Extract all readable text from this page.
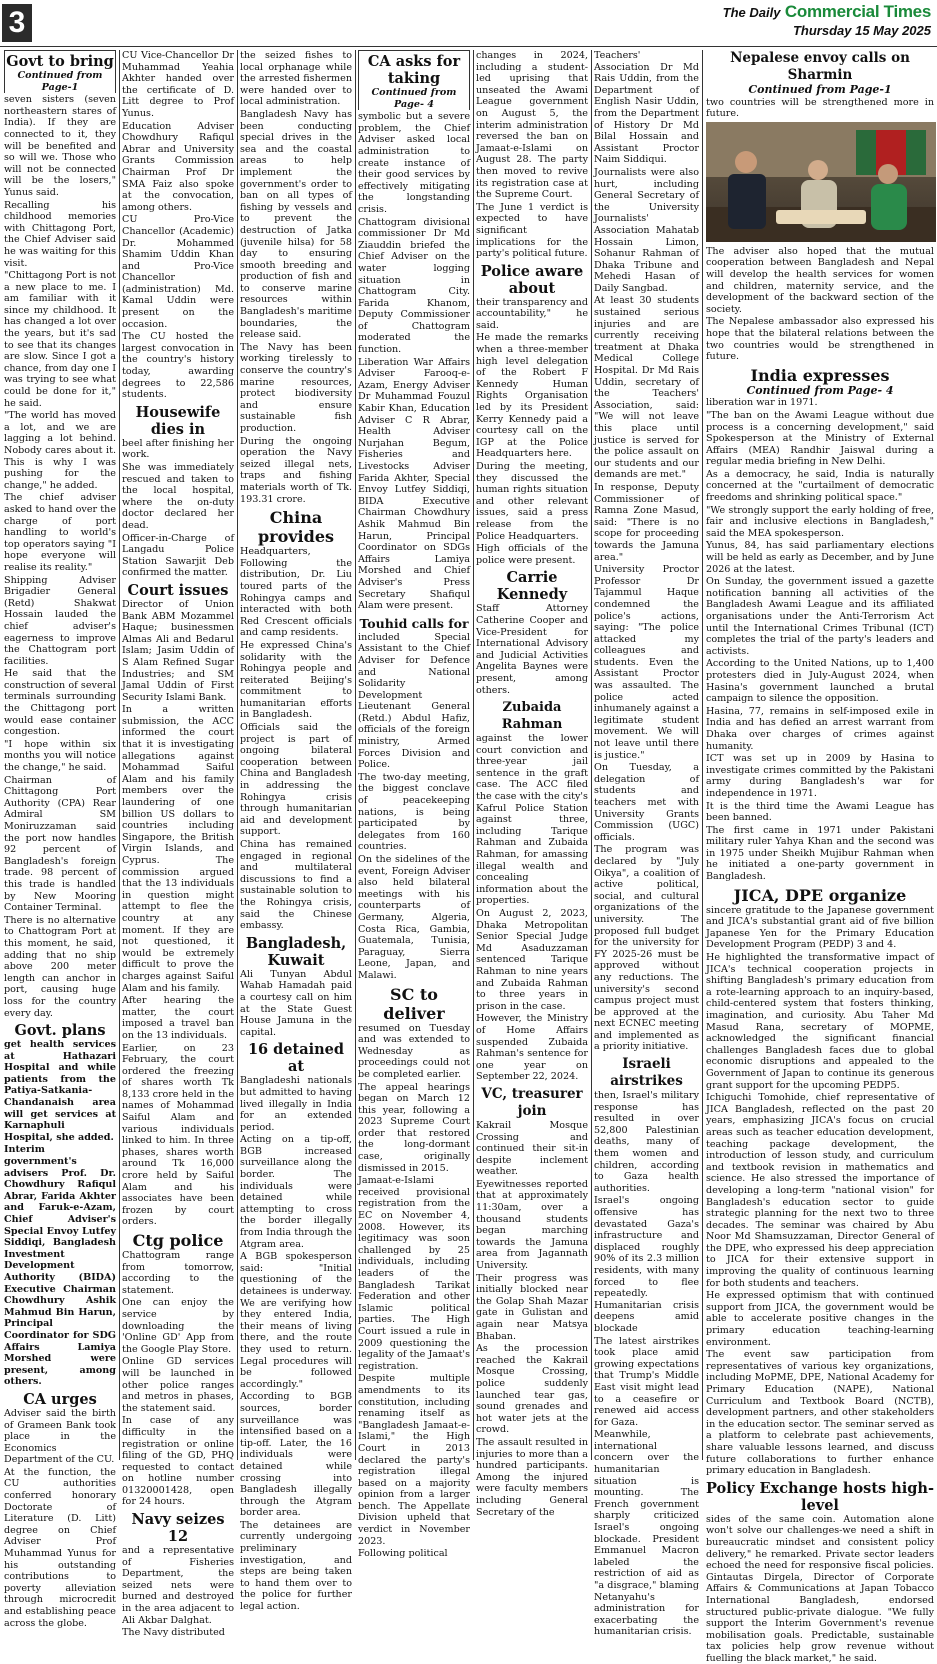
3	The Daily Commercial Times
Thursday 15 May 2025
Govt to bring
Continued from Page-1

seven sisters (seven northeastern stares of India). If they are connected to it, they will be benefited and so will we. Those who will not be connected will be the losers," Yunus said.

Recalling his childhood memories with Chittagong Port, the Chief Adviser said he was waiting for this visit.

"Chittagong Port is not a new place to me. I am familiar with it since my childhood. It has changed a lot over the years, but it's sad to see that its changes are slow. Since I got a chance, from day one I was trying to see what could be done for it," he said.

"The world has moved a lot, and we are lagging a lot behind. Nobody cares about it. This is why I was pushing for the change," he added.

The chief adviser asked to hand over the charge of port handling to world's top operators saying "I hope everyone will realise its reality."

Shipping Adviser Brigadier General (Retd) Shakwat Hossain lauded the chief adviser's eagerness to improve the Chattogram port facilities.

He said that the construction of several terminals surrounding the Chittagong port would ease container congestion.

"I hope within six months you will notice the change," he said.

Chairman of Chittagong Port Authority (CPA) Rear Admiral SM Moniruzzaman said the port now handles 92 percent of Bangladesh's foreign trade. 98 percent of this trade is handled by New Mooring Container Terminal.

There is no alternative to Chattogram Port at this moment, he said, adding that no ship above 200 meter length can anchor in port, causing huge loss for the country every day.

Govt. plans

get health services at Hathazari Hospital and while patients from the Patiya-Satkania-Chandanaish area will get services at Karnaphuli Hospital, she added.

Interim government's advisers Prof. Dr. Chowdhury Rafiqul Abrar, Farida Akhter and Faruk-e-Azam, Chief Adviser's Special Envoy Lutfey Siddiqi, Bangladesh Investment Development Authority (BIDA) Executive Chairman Chowdhury Ashik Mahmud Bin Harun, Principal Coordinator for SDG Affairs Lamiya Morshed were present, among others.

CA urges

Adviser said the birth of Grameen Bank took place in the Economics Department of the CU.

At the function, the CU authorities conferred honorary Doctorate of Literature (D. Litt) degree on Chief Adviser Prof Muhammad Yunus for his outstanding contributions to poverty alleviation through microcredit and establishing peace across the globe.

CU Vice-Chancellor Dr Muhammad Yeahia Akhter handed over the certificate of D. Litt degree to Prof Yunus.

Education Adviser Chowdhury Rafiqul Abrar and University Grants Commission Chairman Prof Dr SMA Faiz also spoke at the convocation, among others.

CU Pro-Vice Chancellor (Academic) Dr. Mohammed Shamim Uddin Khan and Pro-Vice Chancellor (administration) Md. Kamal Uddin were present on the occasion.

The CU hosted the largest convocation in the country's history today, awarding degrees to 22,586 students.

Housewife dies in

beel after finishing her work.

She was immediately rescued and taken to the local hospital, where the on-duty doctor declared her dead.

Officer-in-Charge of Langadu Police Station Sawarjit Deb confirmed the matter.

Court issues

Director of Union Bank ABM Mozammel Haque; businessmen Almas Ali and Bedarul Islam; Jasim Uddin of S Alam Refined Sugar Industries; and SM Jamal Uddin of First Security Islami Bank.

In a written submission, the ACC informed the court that it is investigating allegations against Mohammad Saiful Alam and his family members over the laundering of one billion US dollars to countries including Singapore, the British Virgin Islands, and Cyprus. The commission argued that the 13 individuals in question might attempt to flee the country at any moment. If they are not questioned, it would be extremely difficult to prove the charges against Saiful Alam and his family.

After hearing the matter, the court imposed a travel ban on the 13 individuals.

Earlier, on 23 February, the court ordered the freezing of shares worth Tk 8,133 crore held in the names of Mohammad Saiful Alam and various individuals linked to him. In three phases, shares worth around Tk 16,000 crore held by Saiful Alam and his associates have been frozen by court orders.

Ctg police

Chattogram range from tomorrow, according to the statement.

One can enjoy the service by downloading the 'Online GD' App from the Google Play Store.

Online GD services will be launched in other police ranges and metros in phases, the statement said.

In case of any difficulty in the registration or online filing of the GD, PHQ requested to contact on hotline number 01320001428, open for 24 hours.

Navy seizes 12

and a representative of Fisheries Department, the seized nets were burned and destroyed in the area adjacent to Ali Akbar Dalghat.

The Navy distributed

the seized fishes to local orphanage while the arrested fishermen were handed over to local administration.

Bangladesh Navy has been conducting special drives in the sea and the coastal areas to help implement the government's order to ban on all types of fishing by vessels and to prevent the destruction of Jatka (juvenile hilsa) for 58 day to ensuring smooth breeding and production of fish and to conserve marine resources within Bangladesh's maritime boundaries, the release said.

The Navy has been working tirelessly to conserve the country's marine resources, protect biodiversity and ensure sustainable fish production.

During the ongoing operation the Navy seized illegal nets, traps and fishing materials worth of Tk. 193.31 crore.

China provides

Headquarters, Following the distribution, Dr. Liu toured parts of the Rohingya camps and interacted with both Red Crescent officials and camp residents.

He expressed China's solidarity with the Rohingya people and reiterated Beijing's commitment to humanitarian efforts in Bangladesh.

Officials said the project is part of ongoing bilateral cooperation between China and Bangladesh in addressing the Rohingya crisis through humanitarian aid and development support.

China has remained engaged in regional and multilateral discussions to find a sustainable solution to the Rohingya crisis, said the Chinese embassy.

Bangladesh, Kuwait

Ali Tunyan Abdul Wahab Hamadah paid a courtesy call on him at the State Guest House Jamuna in the capital.

16 detained at

Bangladeshi nationals but admitted to having lived illegally in India for an extended period.

Acting on a tip-off, BGB increased surveillance along the border. The individuals were detained while attempting to cross the border illegally from India through the Atgram area.

A BGB spokesperson said: "Initial questioning of the detainees is underway. We are verifying how they entered India, their means of living there, and the route they used to return. Legal procedures will be followed accordingly."

According to BGB sources, border surveillance was intensified based on a tip-off. Later, the 16 individuals were detained while crossing into Bangladesh illegally through the Atgram border area.

The detainees are currently undergoing preliminary investigation, and steps are being taken to hand them over to the police for further legal action.

CA asks for taking
Continued from Page- 4

symbolic but a severe problem, the Chief Adviser asked local administration to create instance of their good services by effectively mitigating the longstanding crisis.

Chattogram divisional commissioner Dr Md Ziauddin briefed the Chief Adviser on the water logging situation in Chattogram City. Farida Khanom, Deputy Commissioner of Chattogram moderated the function.

Liberation War Affairs Adviser Farooq-e-Azam, Energy Adviser Dr Muhammad Fouzul Kabir Khan, Education Adviser C R Abrar, Health Adviser Nurjahan Begum, Fisheries and Livestocks Adviser Farida Akhter, Special Envoy Lutfey Siddiqi, BIDA Executive Chairman Chowdhury Ashik Mahmud Bin Harun, Principal Coordinator on SDGs Affairs Lamiya Morshed and Chief Adviser's Press Secretary Shafiqul Alam were present.

Touhid calls for

included Special Assistant to the Chief Adviser for Defence and National Solidarity Development Lieutenant General (Retd.) Abdul Hafiz, officials of the foreign ministry, Armed Forces Division and Police.

The two-day meeting, the biggest conclave of peacekeeping nations, is being participated by delegates from 160 countries.

On the sidelines of the event, Foreign Adviser also held bilateral meetings with his counterparts of Germany, Algeria, Costa Rica, Gambia, Guatemala, Tunisia, Paraguay, Sierra Leone, Japan, and Malawi.

SC to deliver

resumed on Tuesday and was extended to Wednesday as proceedings could not be completed earlier.

The appeal hearings began on March 12 this year, following a 2023 Supreme Court order that restored the long-dormant case, originally dismissed in 2015.

Jamaat-e-Islami received provisional registration from the EC on November 4, 2008. However, its legitimacy was soon challenged by 25 individuals, including leaders of the Bangladesh Tarikat Federation and other Islamic political parties. The High Court issued a rule in 2009 questioning the legality of the Jamaat's registration.

Despite multiple amendments to its constitution, including renaming itself as "Bangladesh Jamaat-e-Islami," the High Court in 2013 declared the party's registration illegal based on a majority opinion from a larger bench. The Appellate Division upheld that verdict in November 2023.

Following political

changes in 2024, including a student-led uprising that unseated the Awami League government on August 5, the interim administration reversed the ban on Jamaat-e-Islami on August 28. The party then moved to revive its registration case at the Supreme Court.

The June 1 verdict is expected to have significant implications for the party's political future.

Police aware about

their transparency and accountability," he said.

He made the remarks when a three-member high level delegation of the Robert F Kennedy Human Rights Organisation led by its President Kerry Kennedy paid a courtesy call on the IGP at the Police Headquarters here.

During the meeting, they discussed the human rights situation and other relevant issues, said a press release from the Police Headquarters.

High officials of the police were present.

Carrie Kennedy

Staff Attorney Catherine Cooper and Vice-President for International Advisory and Judicial Activities Angelita Baynes were present, among others.

Zubaida Rahman

against the lower court conviction and three-year jail sentence in the graft case. The ACC filed the case with the city's Kafrul Police Station against three, including Tarique Rahman and Zubaida Rahman, for amassing illegal wealth and concealing information about the properties.

On August 2, 2023, Dhaka Metropolitan Senior Special Judge Md Asaduzzaman sentenced Tarique Rahman to nine years and Zubaida Rahman to three years in prison in the case.

However, the Ministry of Home Affairs suspended Zubaida Rahman's sentence for one year on September 22, 2024.

VC, treasurer join

Kakrail Mosque Crossing and continued their sit-in despite inclement weather.

Eyewitnesses reported that at approximately 11:30am, over a thousand students began marching towards the Jamuna area from Jagannath University.

Their progress was initially blocked near the Golap Shah Mazar gate in Gulistan and again near Matsya Bhaban.

As the procession reached the Kakrail Mosque Crossing, police suddenly launched tear gas, sound grenades and hot water jets at the crowd.

The assault resulted in injuries to more than a hundred participants. Among the injured were faculty members including General Secretary of the

Teachers' Association Dr Md Rais Uddin, from the Department of English Nasir Uddin, from the Department of History Dr Md Bilal Hossain and Assistant Proctor Naim Siddiqui.

Journalists were also hurt, including General Secretary of the University Journalists' Association Mahatab Hossain Limon, Sohanur Rahman of Dhaka Tribune and Mehedi Hasan of Daily Sangbad.

At least 30 students sustained serious injuries and are currently receiving treatment at Dhaka Medical College Hospital. Dr Md Rais Uddin, secretary of the Teachers' Association, said: "We will not leave this place until justice is served for the police assault on our students and our demands are met."

In response, Deputy Commissioner of Ramna Zone Masud, said: "There is no scope for proceeding towards the Jamuna area."

University Proctor Professor Dr Tajammul Haque condemned the police's actions, saying: "The police attacked my colleagues and students. Even the Assistant Proctor was assaulted. The police acted inhumanely against a legitimate student movement. We will not leave until there is justice."

On Tuesday, a delegation of students and teachers met with University Grants Commission (UGC) officials.

The program was declared by "July Oikya", a coalition of active political, social, and cultural organizations of the university. The proposed full budget for the university for FY 2025-26 must be approved without any reductions. The university's second campus project must be approved at the next ECNEC meeting and implemented as a priority initiative.

Israeli airstrikes

then, Israel's military response has resulted in over 52,800 Palestinian deaths, many of them women and children, according to Gaza health authorities.

Israel's ongoing offensive has devastated Gaza's infrastructure and displaced roughly 90% of its 2.3 million residents, with many forced to flee repeatedly. Humanitarian crisis deepens amid blockade

The latest airstrikes took place amid growing expectations that Trump's Middle East visit might lead to a ceasefire or renewed aid access for Gaza.

Meanwhile, international concern over the humanitarian situation is mounting. The French government sharply criticized Israel's ongoing blockade. President Emmanuel Macron labeled the restriction of aid as "a disgrace," blaming Netanyahu's administration for exacerbating the humanitarian crisis.

Nepalese envoy calls on Sharmin
Continued from Page-1

two countries will be strengthened more in future.

The adviser also hoped that the mutual cooperation between Bangladesh and Nepal will develop the health services for women and children, maternity service, and the development of the backward section of the society.

The Nepalese ambassador also expressed his hope that the bilateral relations between the two countries would be strengthened in future.

India expresses
Continued from Page- 4

liberation war in 1971.

"The ban on the Awami League without due process is a concerning development," said Spokesperson at the Ministry of External Affairs (MEA) Randhir Jaiswal during a regular media briefing in New Delhi.

As a democracy, he said, India is naturally concerned at the "curtailment of democratic freedoms and shrinking political space."

"We strongly support the early holding of free, fair and inclusive elections in Bangladesh," said the MEA spokesperson.

Yunus, 84, has said parliamentary elections will be held as early as December, and by June 2026 at the latest.

On Sunday, the government issued a gazette notification banning all activities of the Bangladesh Awami League and its affiliated organisations under the Anti-Terrorism Act until the International Crimes Tribunal (ICT) completes the trial of the party's leaders and activists.

According to the United Nations, up to 1,400 protesters died in July-August 2024, when Hasina's government launched a brutal campaign to silence the opposition.

Hasina, 77, remains in self-imposed exile in India and has defied an arrest warrant from Dhaka over charges of crimes against humanity.

ICT was set up in 2009 by Hasina to investigate crimes committed by the Pakistani army during Bangladesh's war for independence in 1971.

It is the third time the Awami League has been banned.

The first came in 1971 under Pakistani military ruler Yahya Khan and the second was in 1975 under Sheikh Mujibur Rahman when he initiated a one-party government in Bangladesh.

JICA, DPE organize

sincere gratitude to the Japanese government and JICA's substantial grant aid of five billion Japanese Yen for the Primary Education Development Program (PEDP) 3 and 4.

He highlighted the transformative impact of JICA's technical cooperation projects in shifting Bangladesh's primary education from a rote-learning approach to an inquiry-based, child-centered system that fosters thinking, imagination, and curiosity. Abu Taher Md Masud Rana, secretary of MOPME, acknowledged the significant financial challenges Bangladesh faces due to global economic disruptions and appealed to the Government of Japan to continue its generous grant support for the upcoming PEDP5.

Ichiguchi Tomohide, chief representative of JICA Bangladesh, reflected on the past 20 years, emphasizing JICA's focus on crucial areas such as teacher education development, teaching package development, the introduction of lesson study, and curriculum and textbook revision in mathematics and science. He also stressed the importance of developing a long-term "national vision" for Bangladesh's education sector to guide strategic planning for the next two to three decades. The seminar was chaired by Abu Noor Md Shamsuzzaman, Director General of the DPE, who expressed his deep appreciation to JICA for their extensive support in improving the quality of continuous learning for both students and teachers.

He expressed optimism that with continued support from JICA, the government would be able to accelerate positive changes in the primary education teaching-learning environment.

The event saw participation from representatives of various key organizations, including MoPME, DPE, National Academy for Primary Education (NAPE), National Curriculum and Textbook Board (NCTB), development partners, and other stakeholders in the education sector. The seminar served as a platform to celebrate past achievements, share valuable lessons learned, and discuss future collaborations to further enhance primary education in Bangladesh.

Policy Exchange hosts high-level

sides of the same coin. Automation alone won't solve our challenges-we need a shift in bureaucratic mindset and consistent policy delivery," he remarked. Private sector leaders echoed the need for responsive fiscal policies. Gintautas Dirgela, Director of Corporate Affairs & Communications at Japan Tobacco International Bangladesh, endorsed structured public-private dialogue. "We fully support the Interim Government's revenue mobilisation goals. Predictable, sustainable tax policies help grow revenue without fuelling the black market," he said.
